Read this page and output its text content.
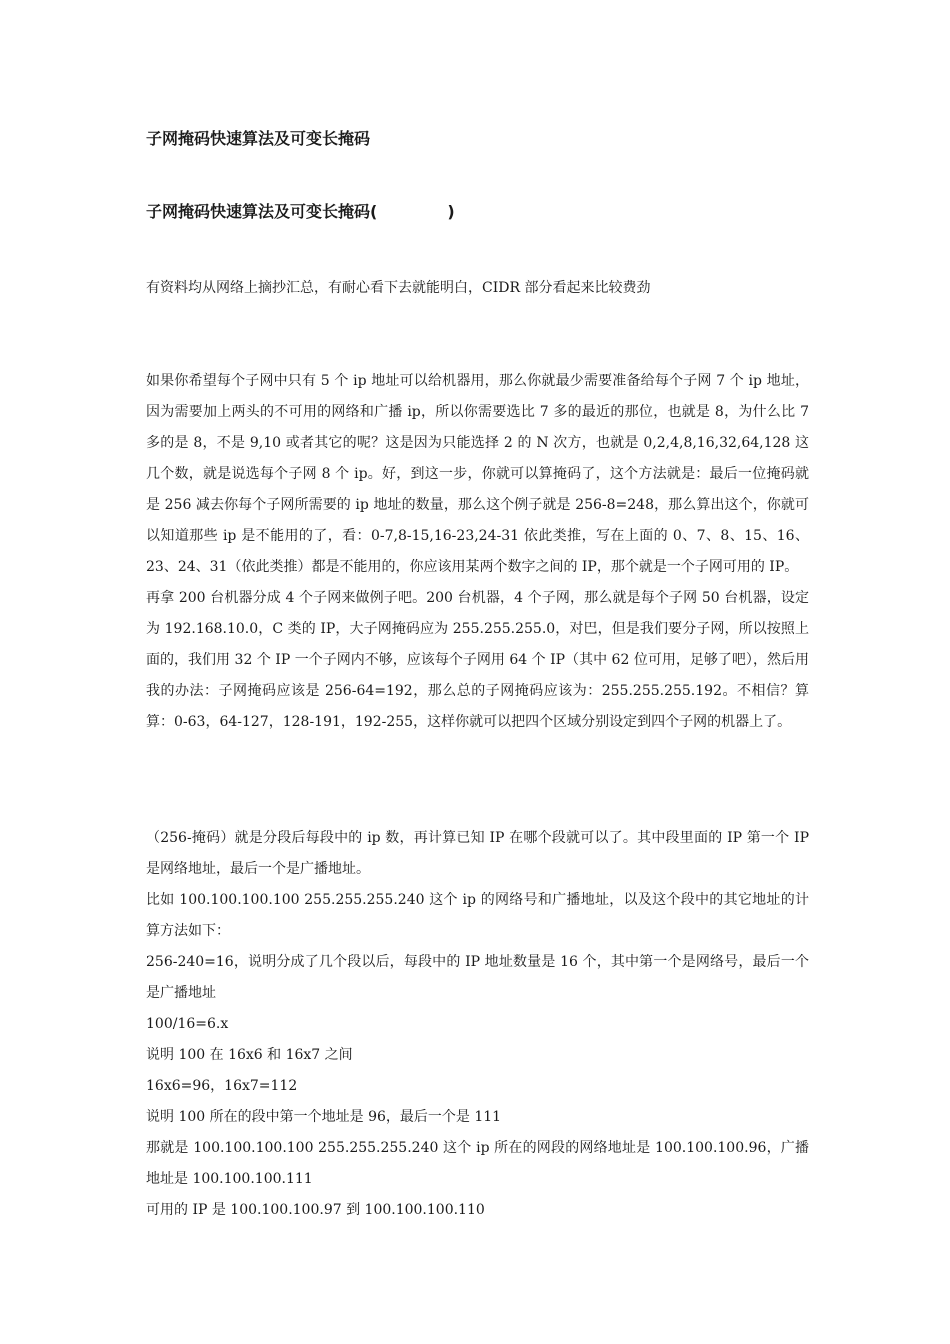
子网掩码快速算法及可变长掩码
子网掩码快速算法及可变长掩码(	)

有资料均从网络上摘抄汇总，有耐心看下去就能明白，CIDR 部分看起来比较费劲

如果你希望每个子网中只有 5 个 ip 地址可以给机器用，那么你就最少需要准备给每个子网 7 个 ip 地址，因为需要加上两头的不可用的网络和广播 ip，所以你需要选比 7 多的最近的那位，也就是 8，为什么比 7 多的是 8，不是 9,10 或者其它的呢？这是因为只能选择 2 的 N 次方，也就是 0,2,4,8,16,32,64,128 这几个数，就是说选每个子网 8 个 ip。好，到这一步，你就可以算掩码了，这个方法就是：最后一位掩码就是 256 减去你每个子网所需要的 ip 地址的数量，那么这个例子就是 256-8=248，那么算出这个，你就可以知道那些 ip 是不能用的了，看：0-7,8-15,16-23,24-31 依此类推，写在上面的 0、7、8、15、16、23、24、31（依此类推）都是不能用的，你应该用某两个数字之间的 IP，那个就是一个子网可用的 IP。

再拿 200 台机器分成 4 个子网来做例子吧。200 台机器，4 个子网，那么就是每个子网 50 台机器，设定为 192.168.10.0，C 类的 IP，大子网掩码应为 255.255.255.0，对巴，但是我们要分子网，所以按照上面的，我们用 32 个 IP 一个子网内不够，应该每个子网用 64 个 IP（其中 62 位可用，足够了吧），然后用我的办法：子网掩码应该是 256-64=192，那么总的子网掩码应该为：255.255.255.192。不相信？算算：0-63，64-127，128-191，192-255，这样你就可以把四个区域分别设定到四个子网的机器上了。

（256-掩码）就是分段后每段中的 ip 数，再计算已知 IP 在哪个段就可以了。其中段里面的 IP 第一个 IP 是网络地址，最后一个是广播地址。

比如 100.100.100.100 255.255.255.240 这个 ip 的网络号和广播地址，以及这个段中的其它地址的计算方法如下：

256-240=16，说明分成了几个段以后，每段中的 IP 地址数量是 16 个，其中第一个是网络号，最后一个是广播地址

100/16=6.x

说明 100 在 16x6 和 16x7 之间

16x6=96，16x7=112

说明 100 所在的段中第一个地址是 96，最后一个是 111

那就是 100.100.100.100 255.255.255.240 这个 ip 所在的网段的网络地址是 100.100.100.96，广播地址是 100.100.100.111

可用的 IP 是 100.100.100.97 到 100.100.100.110
